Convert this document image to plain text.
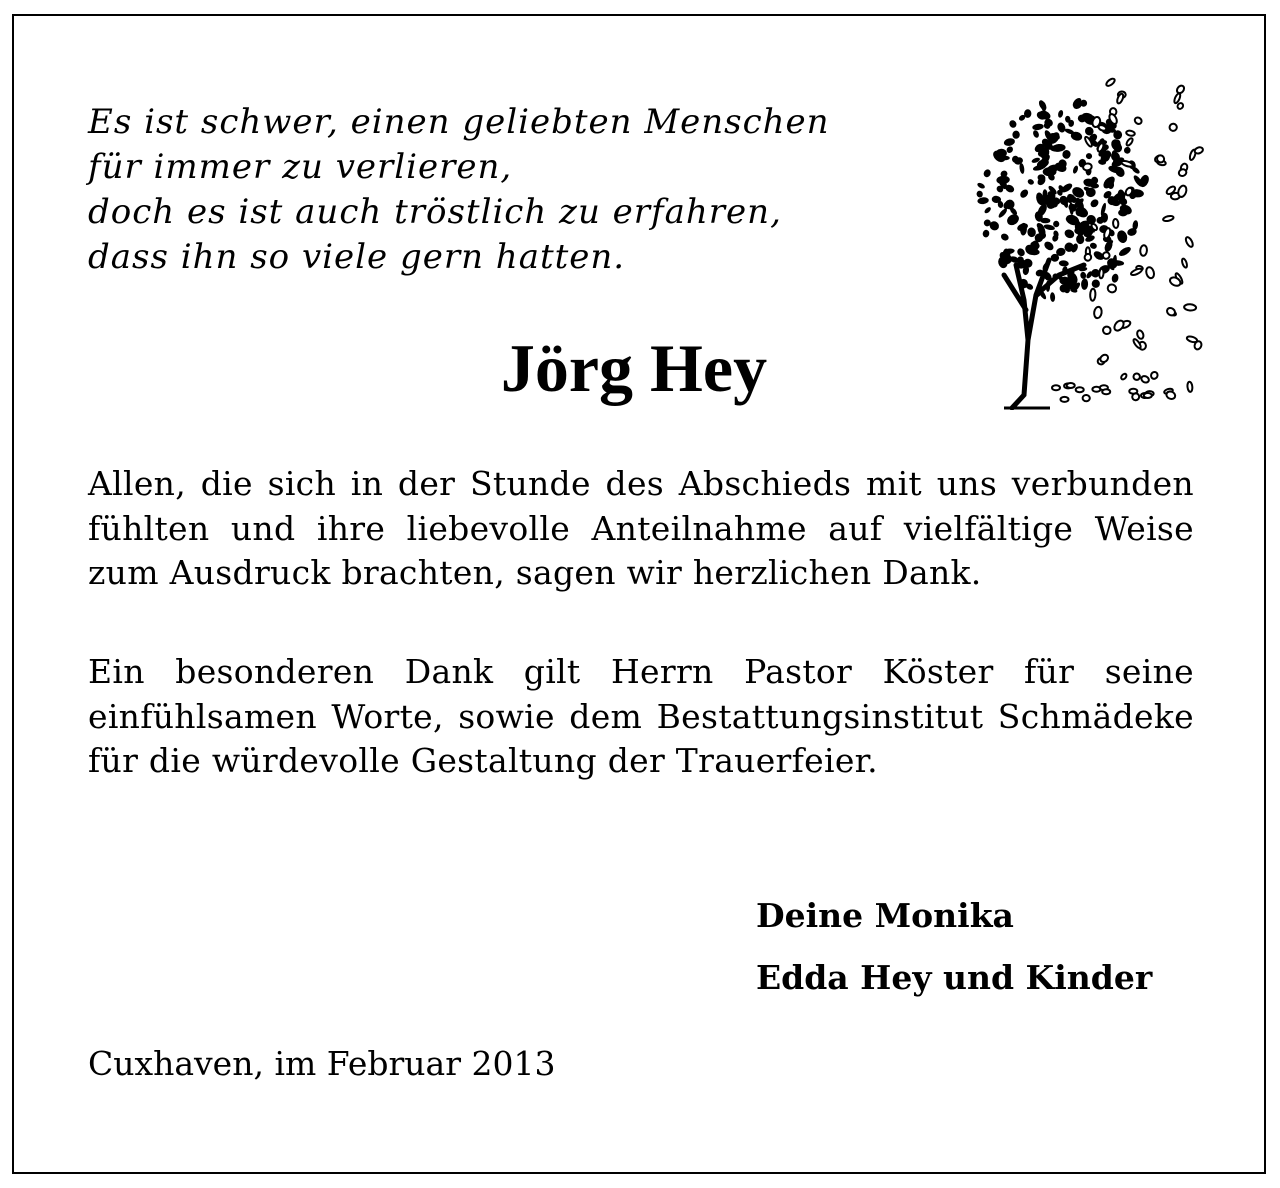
Es ist schwer, einen geliebten Menschen
für immer zu verlieren,
doch es ist auch tröstlich zu erfahren,
dass ihn so viele gern hatten.
Jörg Hey

Allen, die sich in der Stunde des Abschieds mit uns verbunden fühlten und ihre liebevolle Anteilnahme auf vielfältige Weise zum Ausdruck brachten, sagen wir herzlichen Dank.

Ein besonderen Dank gilt Herrn Pastor Köster für seine einfühlsamen Worte, sowie dem Bestattungsinstitut Schmädeke für die würdevolle Gestaltung der Trauerfeier.

Deine Monika
Edda Hey und Kinder
Cuxhaven, im Februar 2013
